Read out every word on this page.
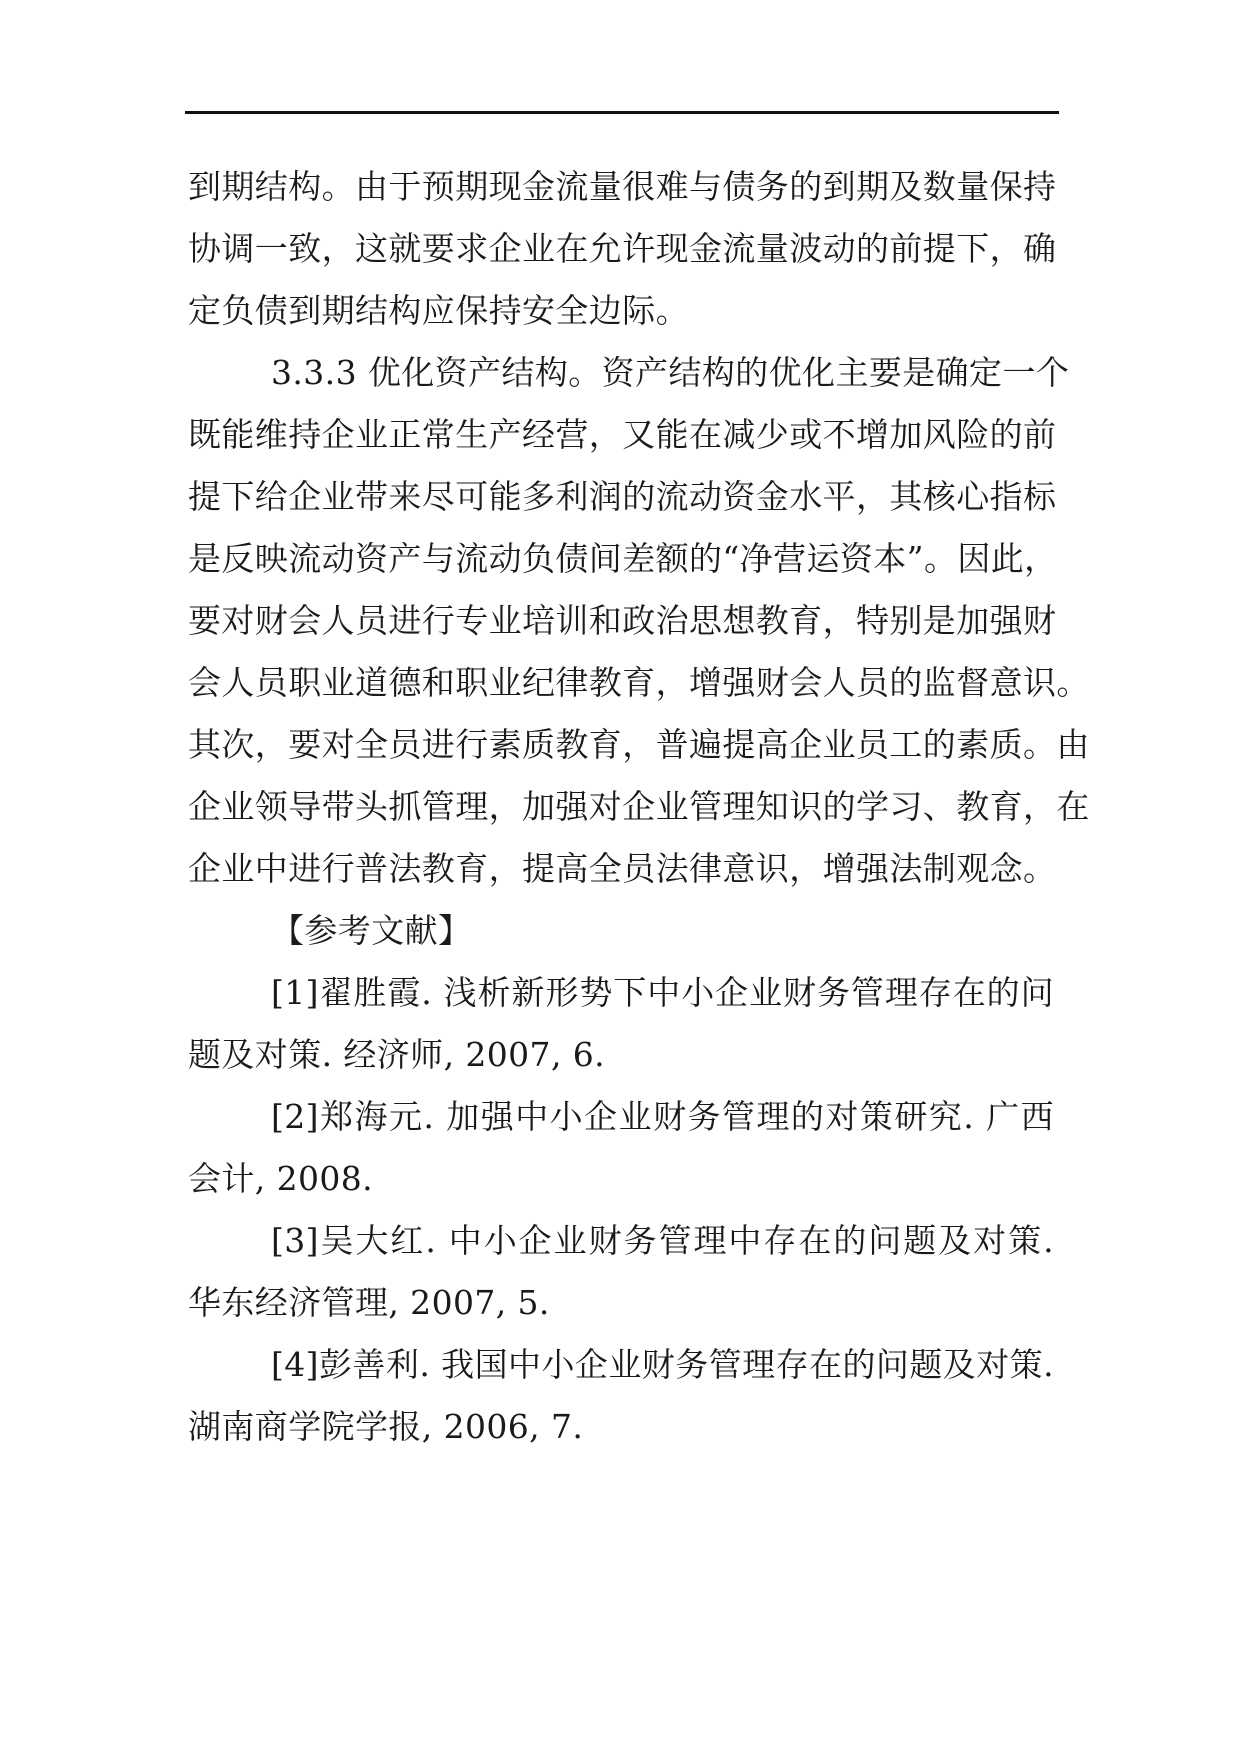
到期结构。由于预期现金流量很难与债务的到期及数量保持
协调一致，这就要求企业在允许现金流量波动的前提下，确
定负债到期结构应保持安全边际。
3.3.3 优化资产结构。资产结构的优化主要是确定一个
既能维持企业正常生产经营，又能在减少或不增加风险的前
提下给企业带来尽可能多利润的流动资金水平，其核心指标
是反映流动资产与流动负债间差额的“净营运资本”。因此，
要对财会人员进行专业培训和政治思想教育，特别是加强财
会人员职业道德和职业纪律教育，增强财会人员的监督意识。
其次，要对全员进行素质教育，普遍提高企业员工的素质。由
企业领导带头抓管理，加强对企业管理知识的学习、教育，在
企业中进行普法教育，提高全员法律意识，增强法制观念。
【参考文献】
[1]翟胜霞. 浅析新形势下中小企业财务管理存在的问
题及对策. 经济师, 2007, 6.
[2]郑海元. 加强中小企业财务管理的对策研究. 广西
会计, 2008.
[3]吴大红. 中小企业财务管理中存在的问题及对策.
华东经济管理, 2007, 5.
[4]彭善利. 我国中小企业财务管理存在的问题及对策.
湖南商学院学报, 2006, 7.
